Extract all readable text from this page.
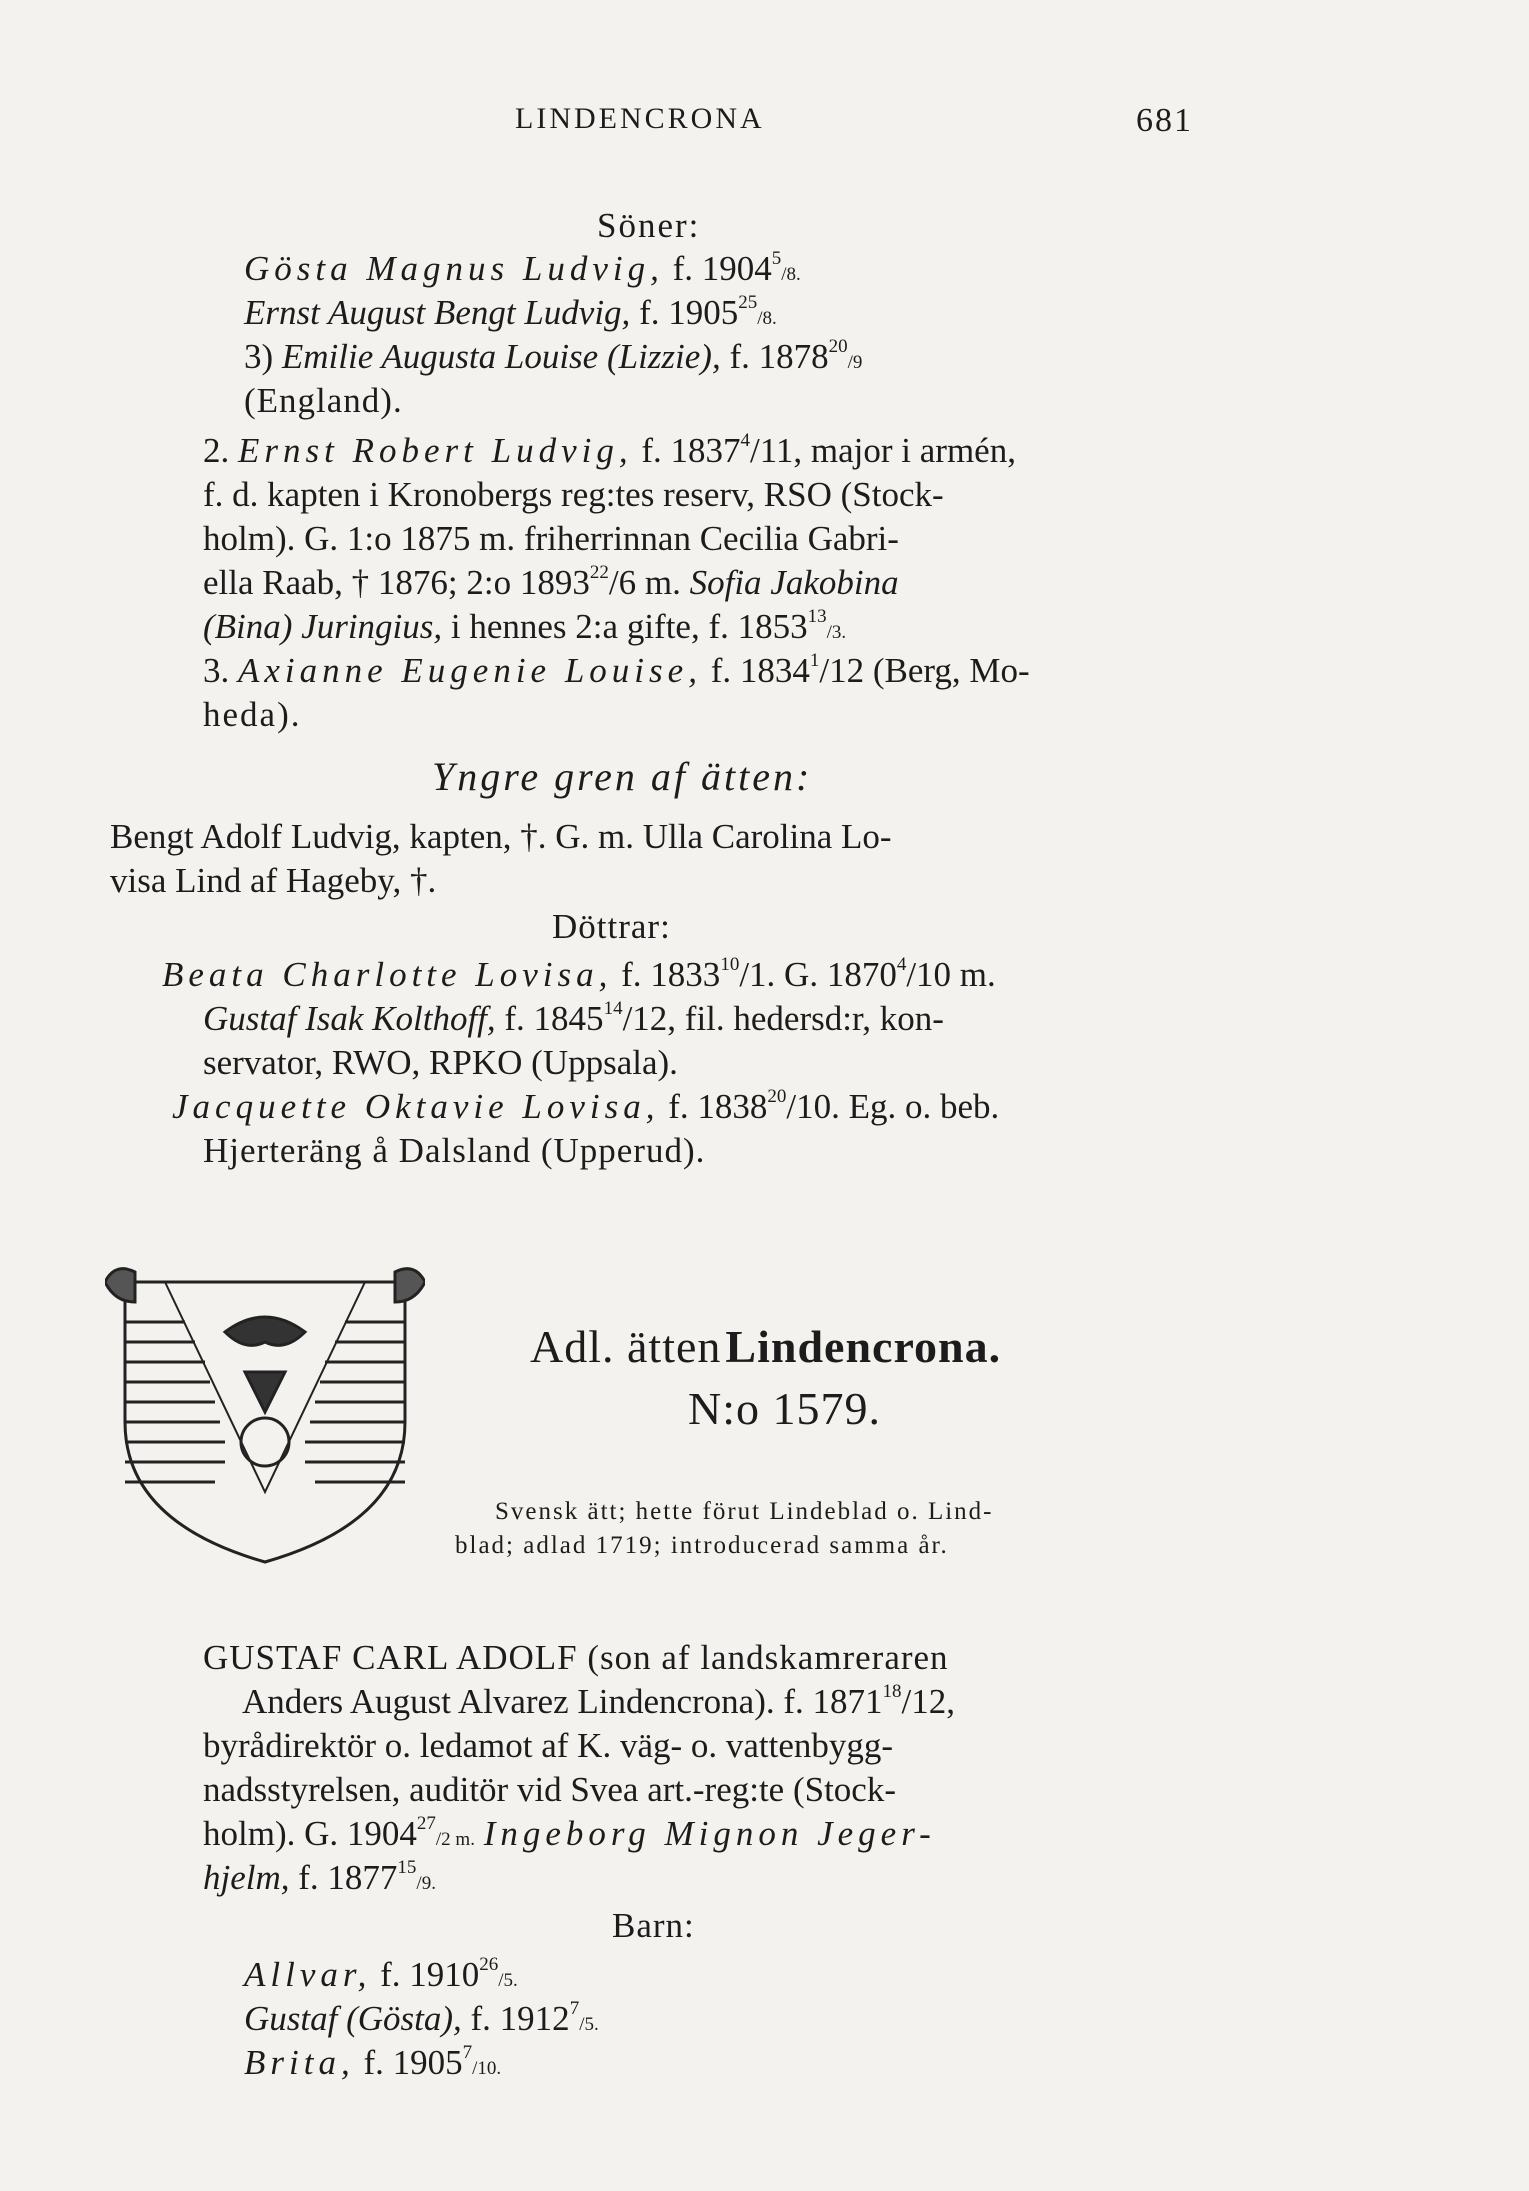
LINDENCRONA	681
Söner:
Gösta Magnus Ludvig, f. 1904$^5$/8.
Ernst August Bengt Ludvig, f. 1905$^{25}$/8.
3) Emilie Augusta Louise (Lizzie), f. 1878$^{20}$/9
(England).
2. Ernst Robert Ludvig, f. 1837$^4$/11, major i armén,
f. d. kapten i Kronobergs reg:tes reserv, RSO (Stock-
holm). G. 1:o 1875 m. friherrinnan Cecilia Gabri-
ella Raab, † 1876; 2:o 1893$^{22}$/6 m. Sofia Jakobina
(Bina) Juringius, i hennes 2:a gifte, f. 1853$^{13}$/3.
3. Axianne Eugenie Louise, f. 1834$^1$/12 (Berg, Mo-
heda).
Yngre gren af ätten:
Bengt Adolf Ludvig, kapten, †. G. m. Ulla Carolina Lo-
visa Lind af Hageby, †.
Döttrar:
Beata Charlotte Lovisa, f. 1833$^{10}$/1. G. 1870$^4$/10 m.
Gustaf Isak Kolthoff, f. 1845$^{14}$/12, fil. hedersd:r, kon-
servator, RWO, RPKO (Uppsala).
Jacquette Oktavie Lovisa, f. 1838$^{20}$/10. Eg. o. beb.
Hjerteräng å Dalsland (Upperud).
Adl. ätten Lindencrona.
N:o 1579.
Svensk ätt; hette förut Lindeblad o. Lind-
blad; adlad 1719; introducerad samma år.
GUSTAF CARL ADOLF (son af landskamreraren
Anders August Alvarez Lindencrona). f. 1871$^{18}$/12,
byrådirektör o. ledamot af K. väg- o. vattenbygg-
nadsstyrelsen, auditör vid Svea art.-reg:te (Stock-
holm). G. 1904$^{27}$/2 m. Ingeborg Mignon Jeger-
hjelm, f. 1877$^{15}$/9.
Barn:
Allvar, f. 1910$^{26}$/5.
Gustaf (Gösta), f. 1912$^7$/5.
Brita, f. 1905$^7$/10.
